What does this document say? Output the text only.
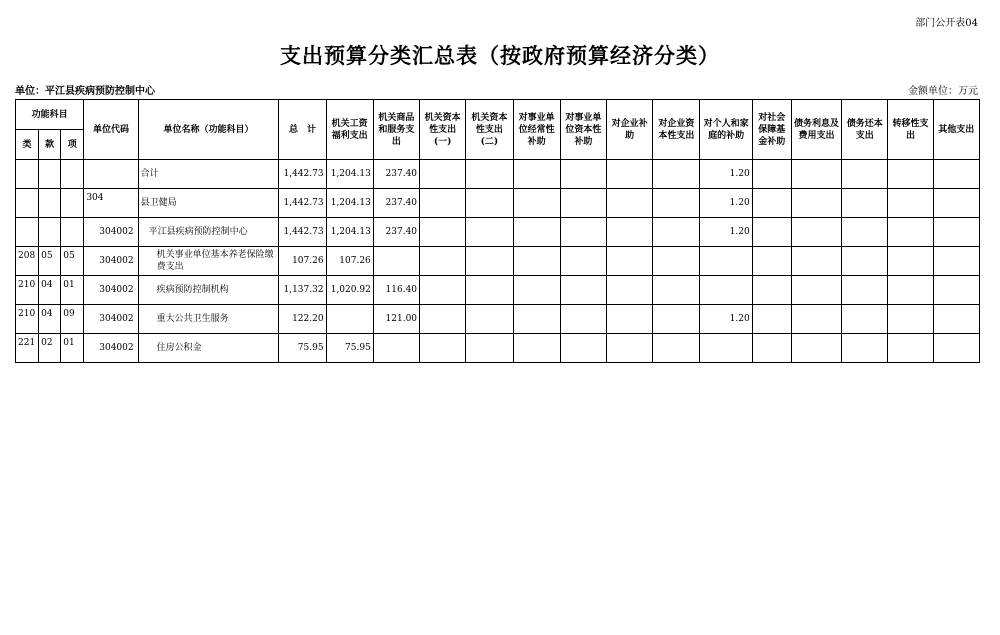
部门公开表04
支出预算分类汇总表（按政府预算经济分类）
单位：平江县疾病预防控制中心	金额单位：万元
功能科目			单位代码	单位名称（功能科目）	总　计	机关工资福利支出	机关商品和服务支出	机关资本性支出(一)	机关资本性支出(二)	对事业单位经常性补助	对事业单位资本性补助	对企业补助	对企业资本性支出	对个人和家庭的补助	对社会保障基金补助	债务利息及费用支出	债务还本支出	转移性支出	其他支出
类	款	项																	
				合计	1,442.73	1,204.13	237.40							1.20					
			304	县卫健局	1,442.73	1,204.13	237.40							1.20					
			304002	平江县疾病预防控制中心	1,442.73	1,204.13	237.40							1.20					
208	05	05	304002	机关事业单位基本养老保险缴费支出	107.26	107.26													
210	04	01	304002	疾病预防控制机构	1,137.32	1,020.92	116.40												
210	04	09	304002	重大公共卫生服务	122.20		121.00							1.20					
221	02	01	304002	住房公积金	75.95	75.95													
